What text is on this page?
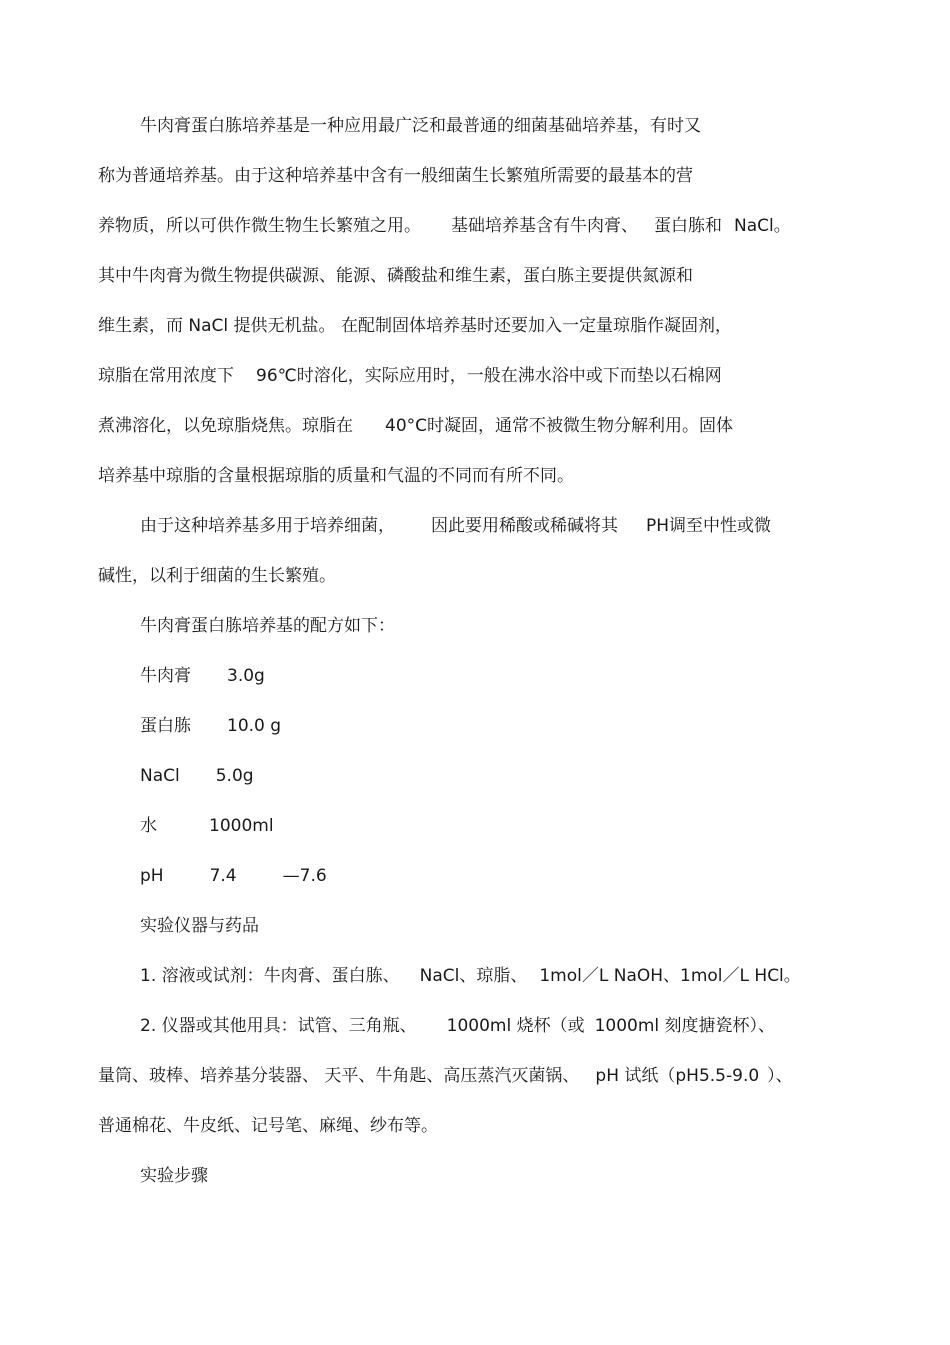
牛肉膏蛋白胨培养基是一种应用最广泛和最普通的细菌基础培养基，有时又
称为普通培养基。由于这种培养基中含有一般细菌生长繁殖所需要的最基本的营
养物质，所以可供作微生物生长繁殖之用。 基础培养基含有牛肉膏、 蛋白胨和 NaCl。
其中牛肉膏为微生物提供碳源、能源、磷酸盐和维生素，蛋白胨主要提供氮源和
维生素，而 NaCl 提供无机盐。 在配制固体培养基时还要加入一定量琼脂作凝固剂，
琼脂在常用浓度下 96℃时溶化，实际应用时，一般在沸水浴中或下而垫以石棉网
煮沸溶化，以免琼脂烧焦。琼脂在 40°C时凝固，通常不被微生物分解利用。固体
培养基中琼脂的含量根据琼脂的质量和气温的不同而有所不同。
由于这种培养基多用于培养细菌， 因此要用稀酸或稀碱将其 PH调至中性或微
碱性，以利于细菌的生长繁殖。
牛肉膏蛋白胨培养基的配方如下：
牛肉膏 3.0g
蛋白胨 10.0 g
NaCl 5.0g
水	1000ml
pH	7.4	—7.6
实验仪器与药品
1. 溶液或试剂：牛肉膏、蛋白胨、 NaCl、琼脂、 1mol／L NaOH、1mol／L HCl。
2. 仪器或其他用具：试管、三角瓶、 1000ml 烧杯（或 1000ml 刻度搪瓷杯）、
量筒、玻棒、培养基分装器、 天平、牛角匙、高压蒸汽灭菌锅、 pH 试纸（pH5.5-9.0 ）、
普通棉花、牛皮纸、记号笔、麻绳、纱布等。
实验步骤
